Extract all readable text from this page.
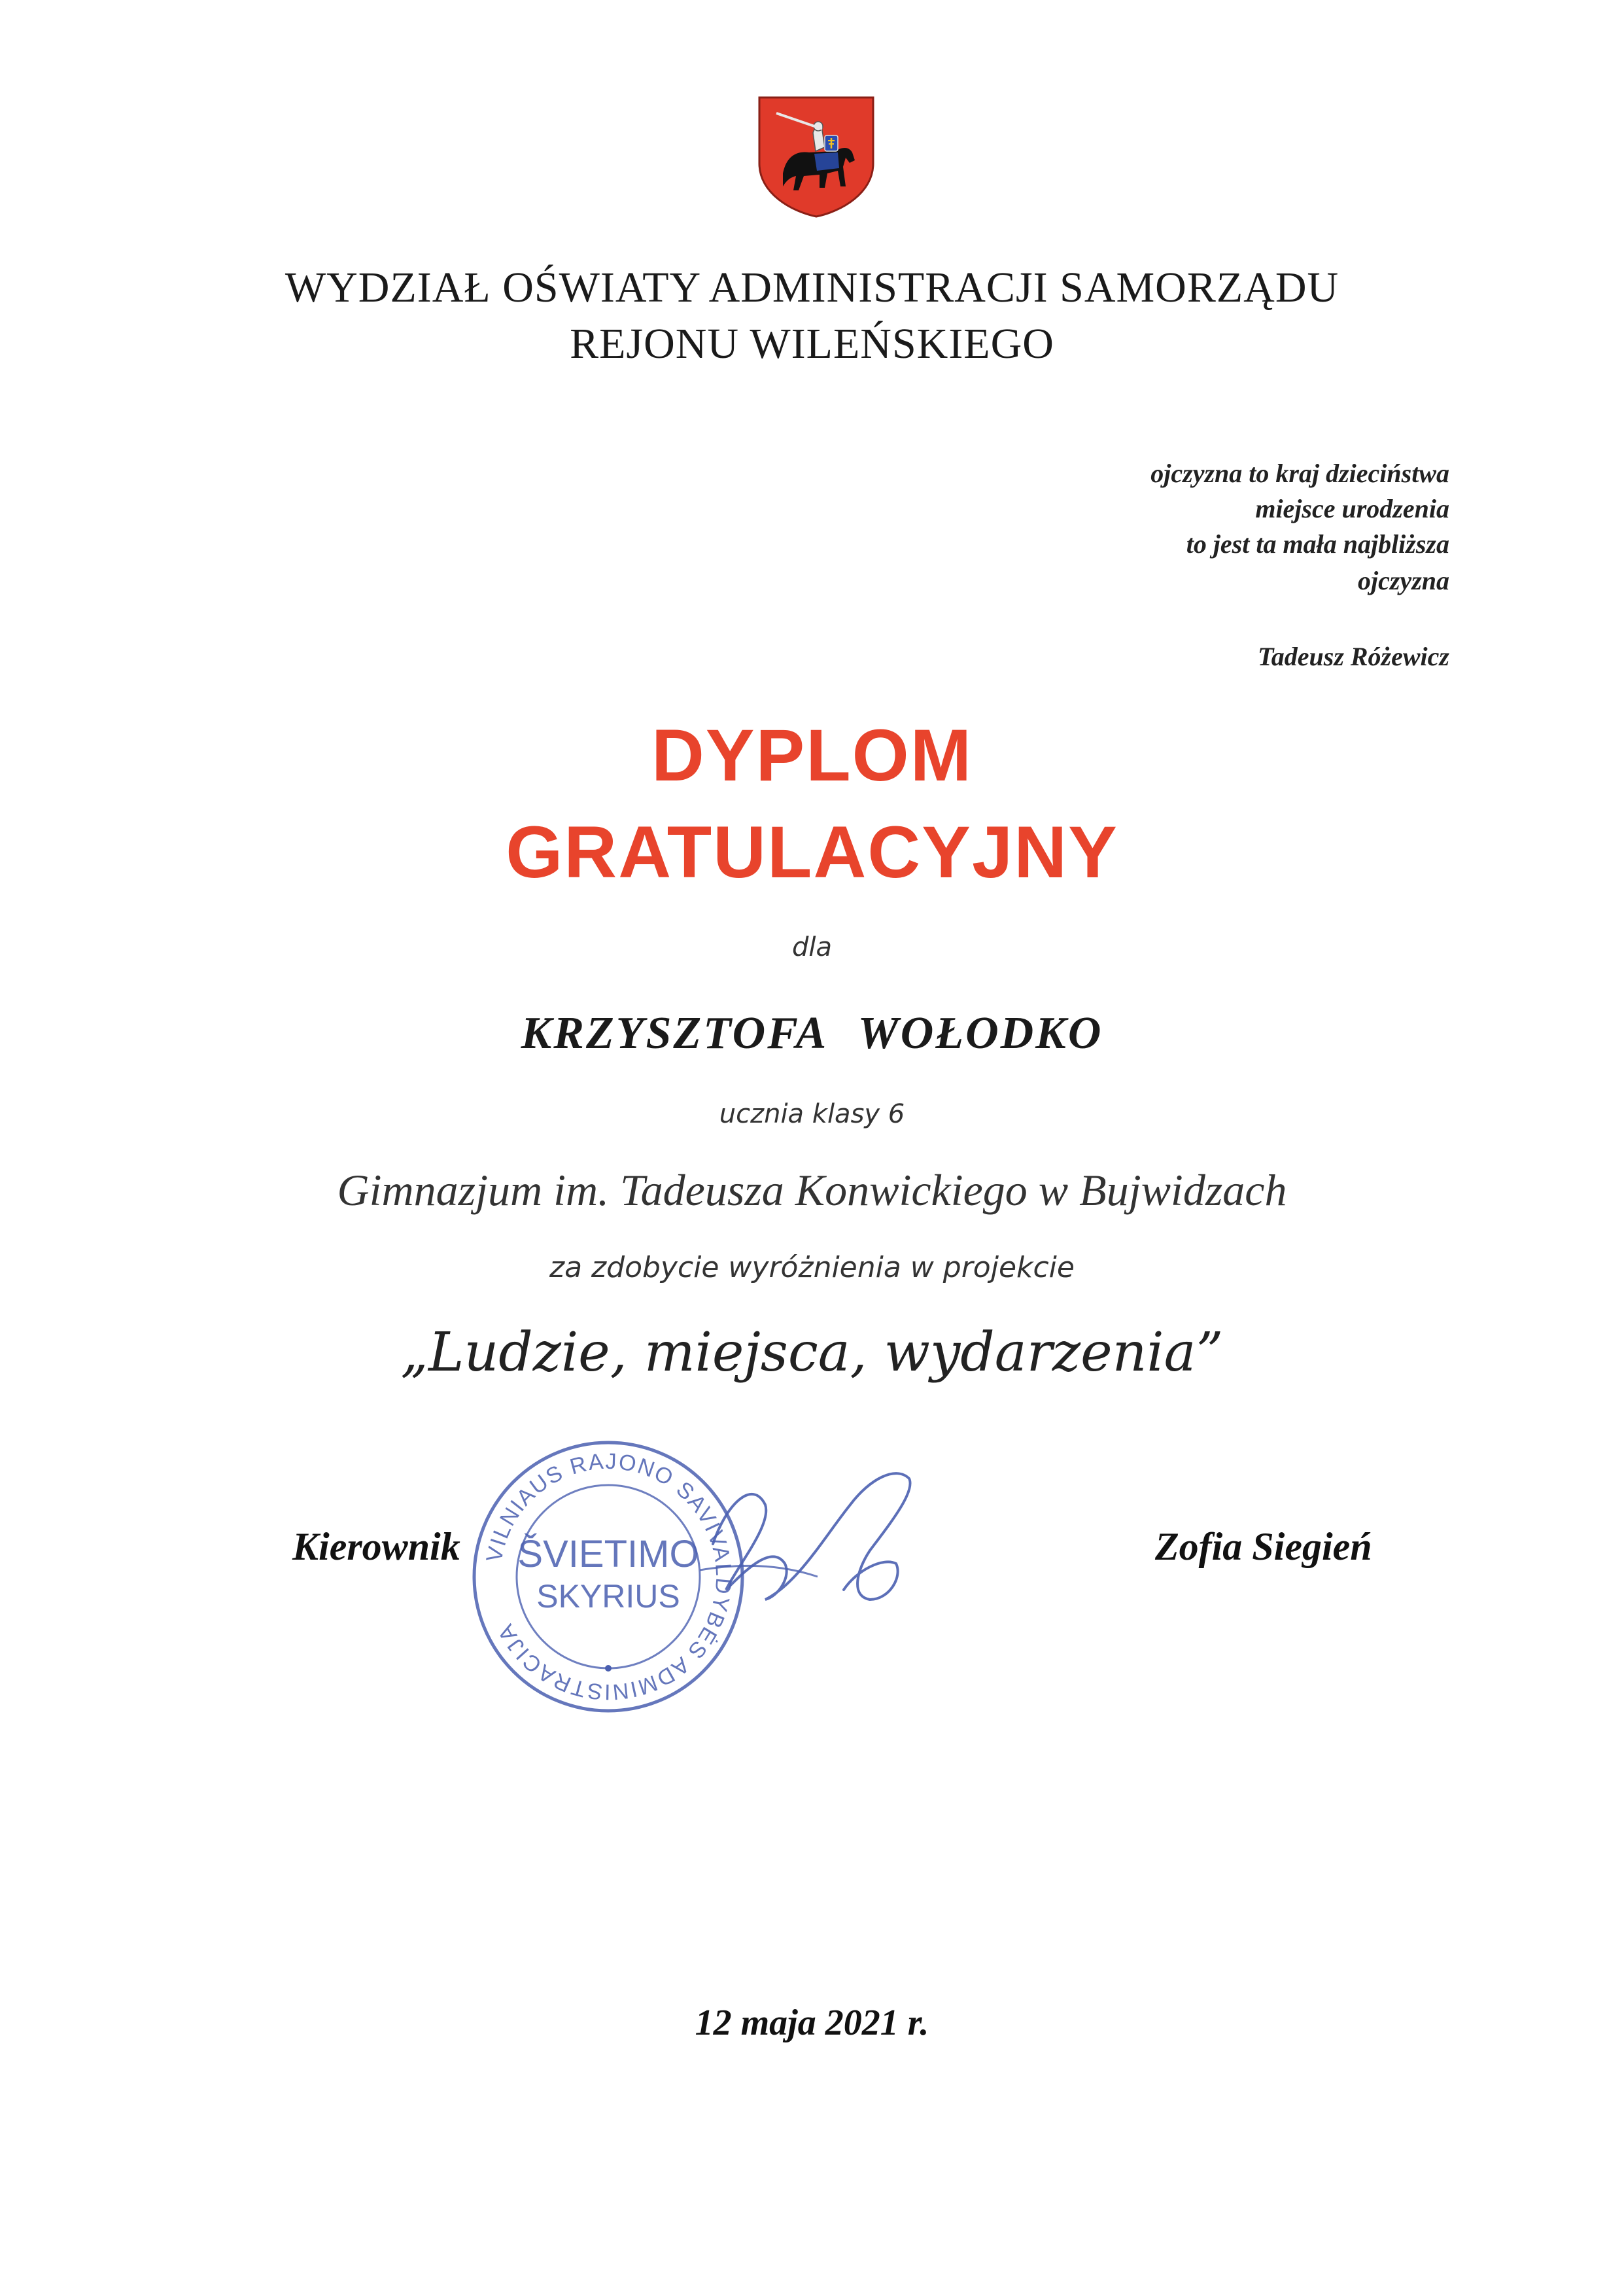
WYDZIAŁ OŚWIATY ADMINISTRACJI SAMORZĄDU
REJONU WILEŃSKIEGO
ojczyzna to kraj dzieciństwa
miejsce urodzenia
to jest ta mała najbliższa
ojczyzna
Tadeusz Różewicz
DYPLOM
GRATULACYJNY
dla
KRZYSZTOFA WOŁODKO
ucznia klasy 6
Gimnazjum im. Tadeusza Konwickiego w Bujwidzach
za zdobycie wyróżnienia w projekcie
„Ludzie, miejsca, wydarzenia”
VILNIAUS RAJONO SAVIVALDYBĖS ADMINISTRACIJA
ŠVIETIMO
SKYRIUS
Kierownik	Zofia Siegień
12 maja 2021 r.
